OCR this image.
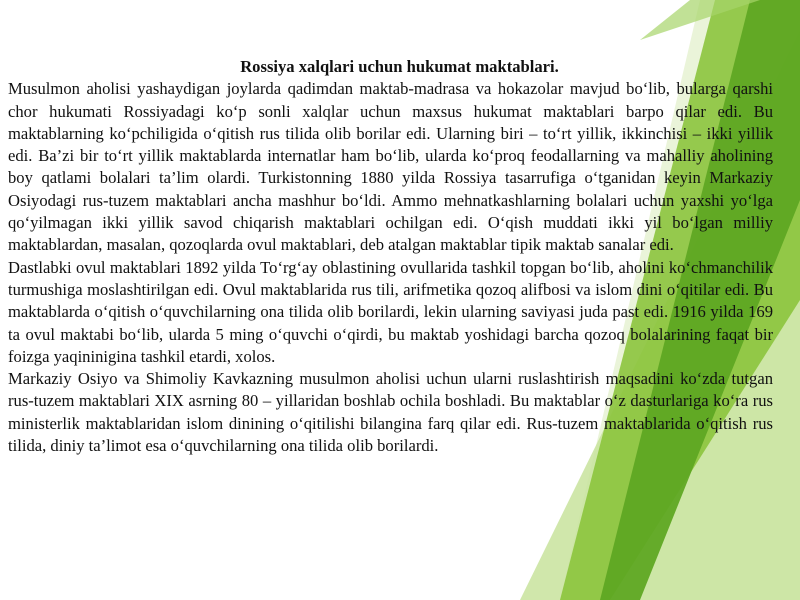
Rossiya xalqlari uchun hukumat maktablari.

Musulmon aholisi yashaydigan joylarda qadimdan maktab-madrasa va hokazolar mavjud bo‘lib, bularga qarshi chor hukumati Rossiyadagi ko‘p sonli xalqlar uchun maxsus hukumat maktablari barpo qilar edi. Bu maktablarning ko‘pchiligida o‘qitish rus tilida olib borilar edi. Ularning biri – to‘rt yillik, ikkinchisi – ikki yillik edi. Ba’zi bir to‘rt yillik maktablarda internatlar ham bo‘lib, ularda ko‘proq feodallarning va mahalliy aholining boy qatlami bolalari ta’lim olardi. Turkistonning 1880 yilda Rossiya tasarrufiga o‘tganidan keyin Markaziy Osiyodagi rus-tuzem maktablari ancha mashhur bo‘ldi. Ammo mehnatkashlarning bolalari uchun yaxshi yo‘lga qo‘yilmagan ikki yillik savod chiqarish maktablari ochilgan edi. O‘qish muddati ikki yil bo‘lgan milliy maktablardan, masalan, qozoqlarda ovul maktablari, deb atalgan maktablar tipik maktab sanalar edi.

Dastlabki ovul maktablari 1892 yilda To‘rg‘ay oblastining ovullarida tashkil topgan bo‘lib, aholini ko‘chmanchilik turmushiga moslashtirilgan edi. Ovul maktablarida rus tili, arifmetika qozoq alifbosi va islom dini o‘qitilar edi. Bu maktablarda o‘qitish o‘quvchilarning ona tilida olib borilardi, lekin ularning saviyasi juda past edi. 1916 yilda 169 ta ovul maktabi bo‘lib, ularda 5 ming o‘quvchi o‘qirdi, bu maktab yoshidagi barcha qozoq bolalarining faqat bir foizga yaqininigina tashkil etardi, xolos.

Markaziy Osiyo va Shimoliy Kavkazning musulmon aholisi uchun ularni ruslashtirish maqsadini ko‘zda tutgan rus-tuzem maktablari XIX asrning 80 – yillaridan boshlab ochila boshladi. Bu maktablar o‘z dasturlariga ko‘ra rus ministerlik maktablaridan islom dinining o‘qitilishi bilangina farq qilar edi. Rus-tuzem maktablarida o‘qitish rus tilida, diniy ta’limot esa o‘quvchilarning ona tilida olib borilardi.
